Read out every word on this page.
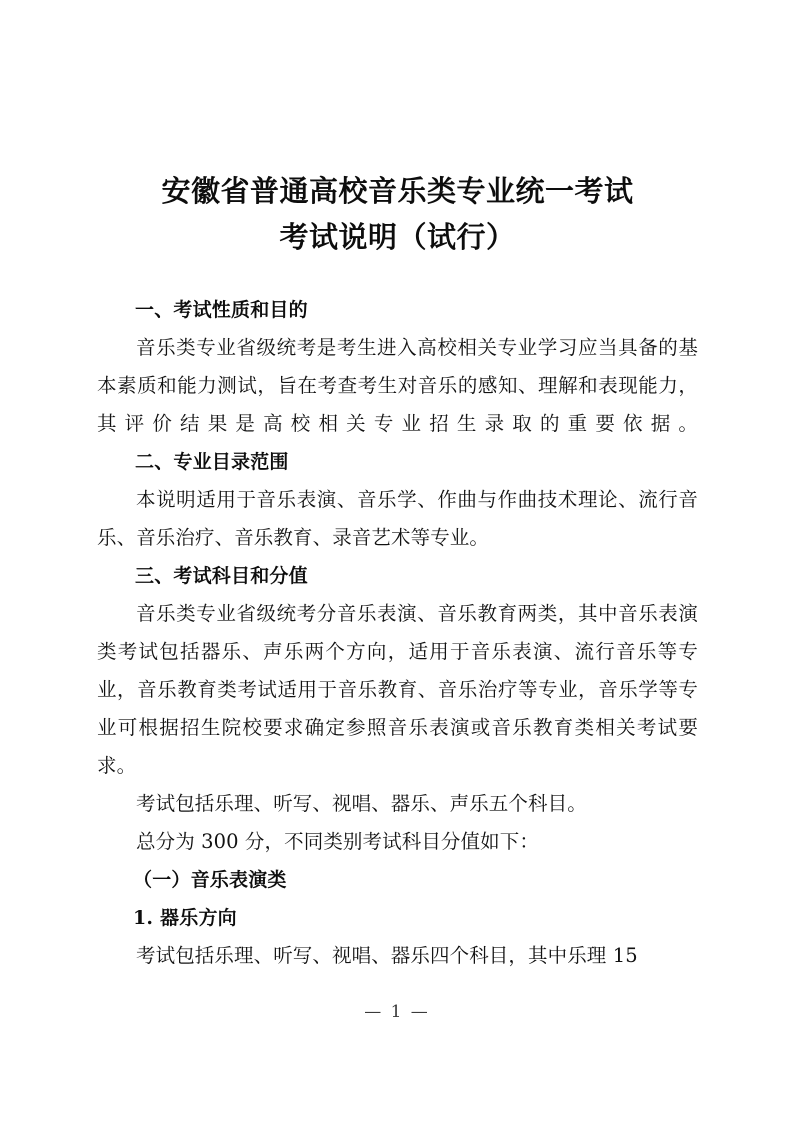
安徽省普通高校音乐类专业统一考试
考试说明（试行）
一、考试性质和目的

音乐类专业省级统考是考生进入高校相关专业学习应当具备的基本素质和能力测试，旨在考查考生对音乐的感知、理解和表现能力，其评价结果是高校相关专业招生录取的重要依据。

二、专业目录范围

本说明适用于音乐表演、音乐学、作曲与作曲技术理论、流行音乐、音乐治疗、音乐教育、录音艺术等专业。

三、考试科目和分值

音乐类专业省级统考分音乐表演、音乐教育两类，其中音乐表演类考试包括器乐、声乐两个方向，适用于音乐表演、流行音乐等专业，音乐教育类考试适用于音乐教育、音乐治疗等专业，音乐学等专业可根据招生院校要求确定参照音乐表演或音乐教育类相关考试要求。

考试包括乐理、听写、视唱、器乐、声乐五个科目。

总分为 300 分，不同类别考试科目分值如下：

（一）音乐表演类
1. 器乐方向

考试包括乐理、听写、视唱、器乐四个科目，其中乐理 15

— 1 —
